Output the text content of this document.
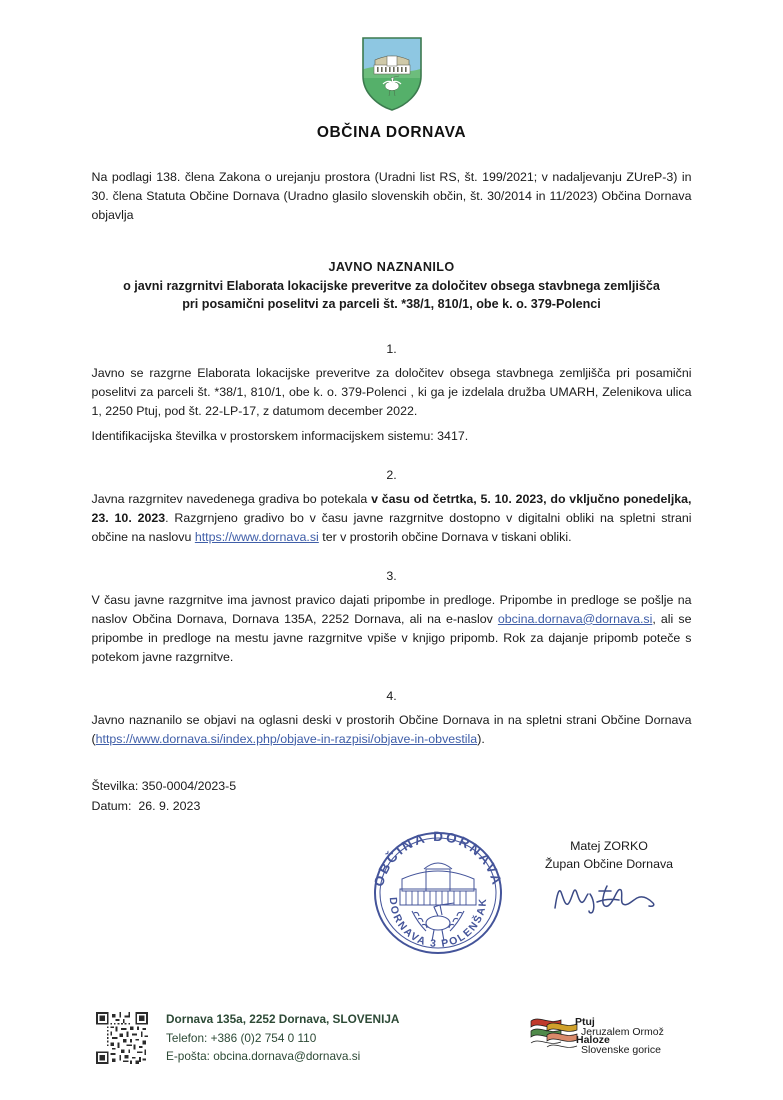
OBČINA DORNAVA

Na podlagi 138. člena Zakona o urejanju prostora (Uradni list RS, št. 199/2021; v nadaljevanju ZUreP-3) in 30. člena Statuta Občine Dornava (Uradno glasilo slovenskih občin, št. 30/2014 in 11/2023) Občina Dornava objavlja

JAVNO NAZNANILO
o javni razgrnitvi Elaborata lokacijske preveritve za določitev obsega stavbnega zemljišča
pri posamični poselitvi za parceli št. *38/1, 810/1, obe k. o. 379-Polenci
1.

Javno se razgrne Elaborata lokacijske preveritve za določitev obsega stavbnega zemljišča pri posamični poselitvi za parceli št. *38/1, 810/1, obe k. o. 379-Polenci , ki ga je izdelala družba UMARH, Zelenikova ulica 1, 2250 Ptuj, pod št. 22-LP-17, z datumom december 2022.

Identifikacijska številka v prostorskem informacijskem sistemu: 3417.

2.

Javna razgrnitev navedenega gradiva bo potekala v času od četrtka, 5. 10. 2023, do vključno ponedeljka, 23. 10. 2023. Razgrnjeno gradivo bo v času javne razgrnitve dostopno v digitalni obliki na spletni strani občine na naslovu https://www.dornava.si ter v prostorih občine Dornava v tiskani obliki.

3.

V času javne razgrnitve ima javnost pravico dajati pripombe in predloge. Pripombe in predloge se pošlje na naslov Občina Dornava, Dornava 135A, 2252 Dornava, ali na e-naslov obcina.dornava@dornava.si, ali se pripombe in predloge na mestu javne razgrnitve vpiše v knjigo pripomb. Rok za dajanje pripomb poteče s potekom javne razgrnitve.

4.

Javno naznanilo se objavi na oglasni deski v prostorih Občine Dornava in na spletni strani Občine Dornava (https://www.dornava.si/index.php/objave-in-razpisi/objave-in-obvestila).

Številka: 350-0004/2023-5
Datum: 26. 9. 2023
OBČINA DORNAVA
DORNAVA 3 POLENŠAK
Matej ZORKO
Župan Občine Dornava
Dornava 135a, 2252 Dornava, SLOVENIJA
Telefon: +386 (0)2 754 0 110
E-pošta: obcina.dornava@dornava.si
Ptuj
Jeruzalem Ormož
Haloze
Slovenske gorice
